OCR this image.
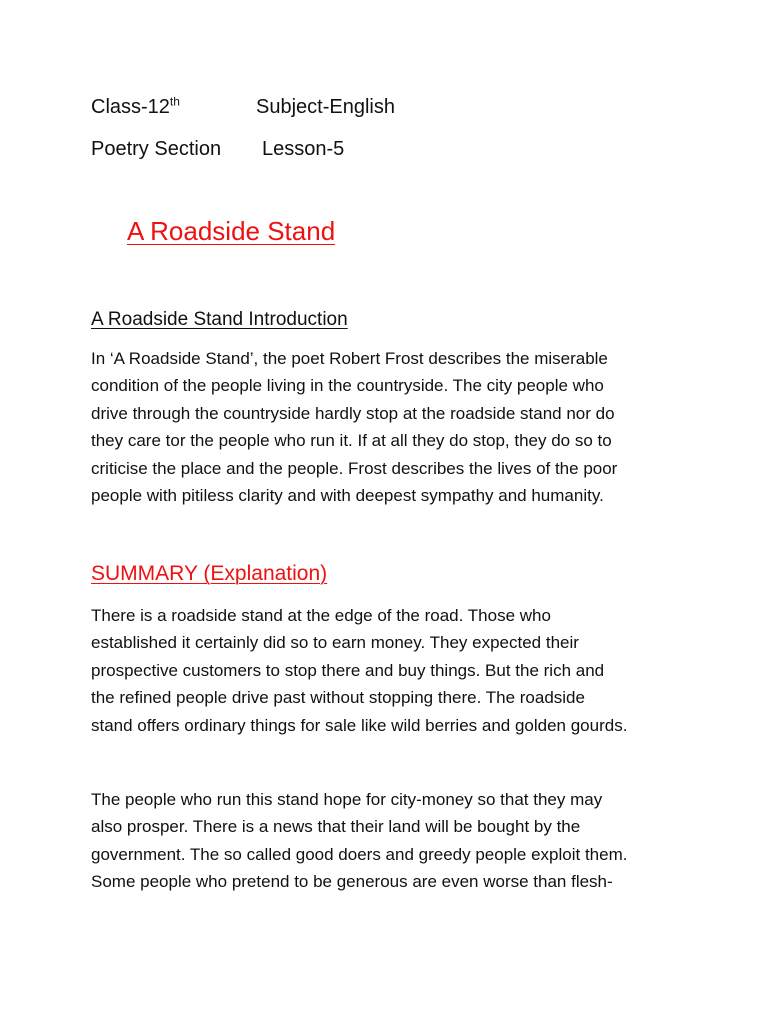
Class-12th	Subject-English
Poetry Section Lesson-5
A Roadside Stand
A Roadside Stand Introduction

In ‘A Roadside Stand’, the poet Robert Frost describes the miserable
condition of the people living in the countryside. The city people who
drive through the countryside hardly stop at the roadside stand nor do
they care tor the people who run it. If at all they do stop, they do so to
criticise the place and the people. Frost describes the lives of the poor
people with pitiless clarity and with deepest sympathy and humanity.

SUMMARY (Explanation)

There is a roadside stand at the edge of the road. Those who
established it certainly did so to earn money. They expected their
prospective customers to stop there and buy things. But the rich and
the refined people drive past without stopping there. The roadside
stand offers ordinary things for sale like wild berries and golden gourds.

The people who run this stand hope for city-money so that they may
also prosper. There is a news that their land will be bought by the
government. The so called good doers and greedy people exploit them.
Some people who pretend to be generous are even worse than flesh-
